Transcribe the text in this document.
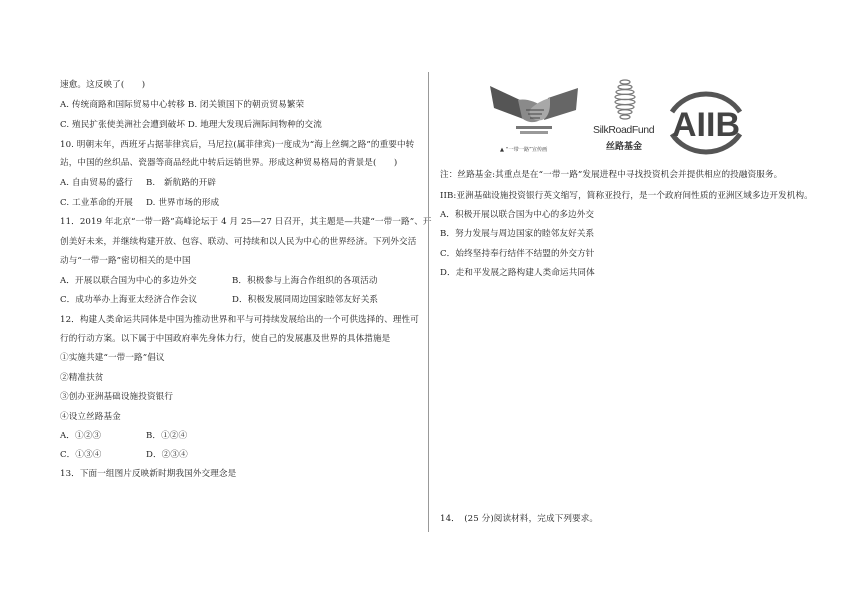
速愈。这反映了(　　)
A. 传统商路和国际贸易中心转移 B. 闭关锁国下的朝贡贸易繁荣
C. 殖民扩张使美洲社会遭到破坏 D. 地理大发现后洲际间物种的交流
10. 明朝末年，西班牙占据菲律宾后，马尼拉(属菲律宾)一度成为“海上丝绸之路”的重要中转
站，中国的丝织品、瓷器等商品经此中转后远销世界。形成这种贸易格局的背景是(　　)
A. 自由贸易的盛行 B.　新航路的开辟
C. 工业革命的开展 D. 世界市场的形成
11．2019 年北京“一带一路”高峰论坛于 4 月 25—27 日召开，其主题是—共建“一带一路”、开
创美好未来，并继续构建开放、包容、联动、可持续和以人民为中心的世界经济。下列外交活
动与“一带一路”密切相关的是中国
A．开展以联合国为中心的多边外交	B．积极参与上海合作组织的各项活动
C．成功举办上海亚太经济合作会议	D．积极发展同周边国家睦邻友好关系
12．构建人类命运共同体是中国为推动世界和平与可持续发展给出的一个可供选择的、理性可
行的行动方案。以下属于中国政府率先身体力行，使自己的发展惠及世界的具体措施是
①实施共建“一带一路”倡议
②精准扶贫
③创办亚洲基础设施投资银行
④设立丝路基金
A．①②③	B．①②④
C．①③④	D．②③④
13．下面一组图片反映新时期我国外交理念是
▲ “一带一路”宣传画
SilkRoadFund
丝路基金
AIIB
注：丝路基金:其重点是在“一带一路”发展进程中寻找投资机会并提供相应的投融资服务。
IIB:亚洲基础设施投资银行英文缩写，简称亚投行，是一个政府间性质的亚洲区域多边开发机构。
A．积极开展以联合国为中心的多边外交
B．努力发展与周边国家的睦邻友好关系
C．始终坚持奉行结伴不结盟的外交方针
D．走和平发展之路构建人类命运共同体
14．　(25 分)阅读材料，完成下列要求。
